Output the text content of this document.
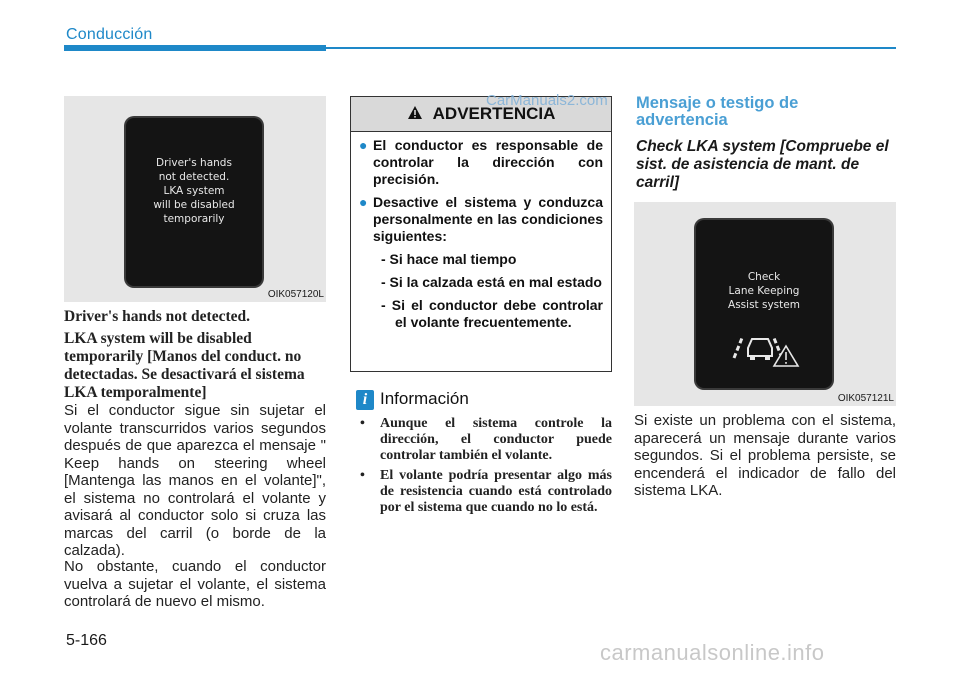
Conducción
Driver's hands
not detected.
LKA system
will be disabled
temporarily
OIK057120L
Driver's hands not detected.
LKA system will be disabled temporarily [Manos del conduct. no detectadas. Se desactivará el sistema LKA temporalmente]
Si el conductor sigue sin sujetar el volante transcurridos varios segundos después de que aparezca el mensaje " Keep hands on steering wheel [Mantenga las manos en el volante]", el sistema no controlará el volante y avisará al conductor solo si cruza las marcas del carril (o borde de la calzada).
No obstante, cuando el conductor vuelva a sujetar el volante, el sistema controlará de nuevo el mismo.
ADVERTENCIA
● El conductor es responsable de controlar la dirección con precisión.
● Desactive el sistema y conduzca personalmente en las condiciones siguientes:
- Si hace mal tiempo
- Si la calzada está en mal estado
- Si el conductor debe controlar el volante frecuentemente.
CarManuals2.com
i Información
• Aunque el sistema controle la dirección, el conductor puede controlar también el volante.
• El volante podría presentar algo más de resistencia cuando está controlado por el sistema que cuando no lo está.
Mensaje o testigo de advertencia
Check LKA system [Compruebe el sist. de asistencia de mant. de carril]
Check
Lane Keeping
Assist system
OIK057121L
Si existe un problema con el sistema, aparecerá un mensaje durante varios segundos. Si el problema persiste, se encenderá el indicador de fallo del sistema LKA.
5-166	carmanualsonline.info
